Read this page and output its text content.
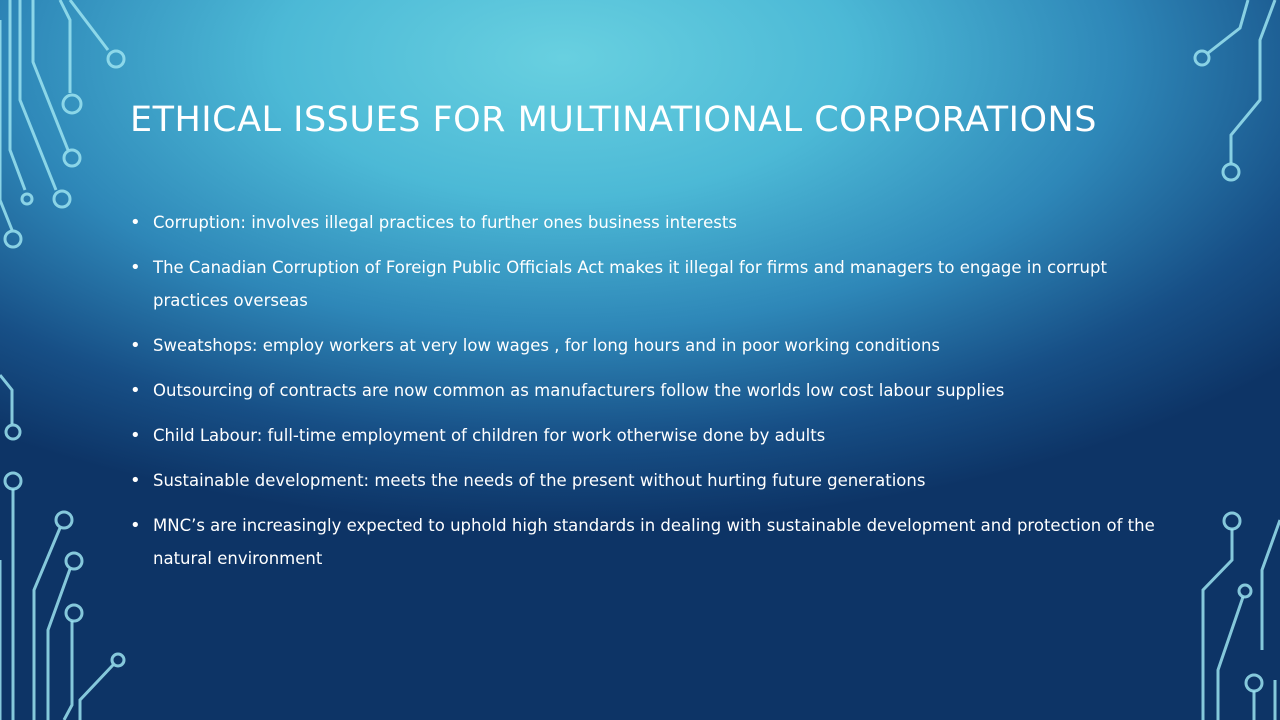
ETHICAL ISSUES FOR MULTINATIONAL CORPORATIONS
• Corruption: involves illegal practices to further ones business interests
• The Canadian Corruption of Foreign Public Officials Act makes it illegal for firms and managers to engage in corrupt practices overseas
• Sweatshops: employ workers at very low wages , for long hours and in poor working conditions
• Outsourcing of contracts are now common as manufacturers follow the worlds low cost labour supplies
• Child Labour: full-time employment of children for work otherwise done by adults
• Sustainable development: meets the needs of the present without hurting future generations
• MNC’s are increasingly expected to uphold high standards in dealing with sustainable development and protection of the natural environment
